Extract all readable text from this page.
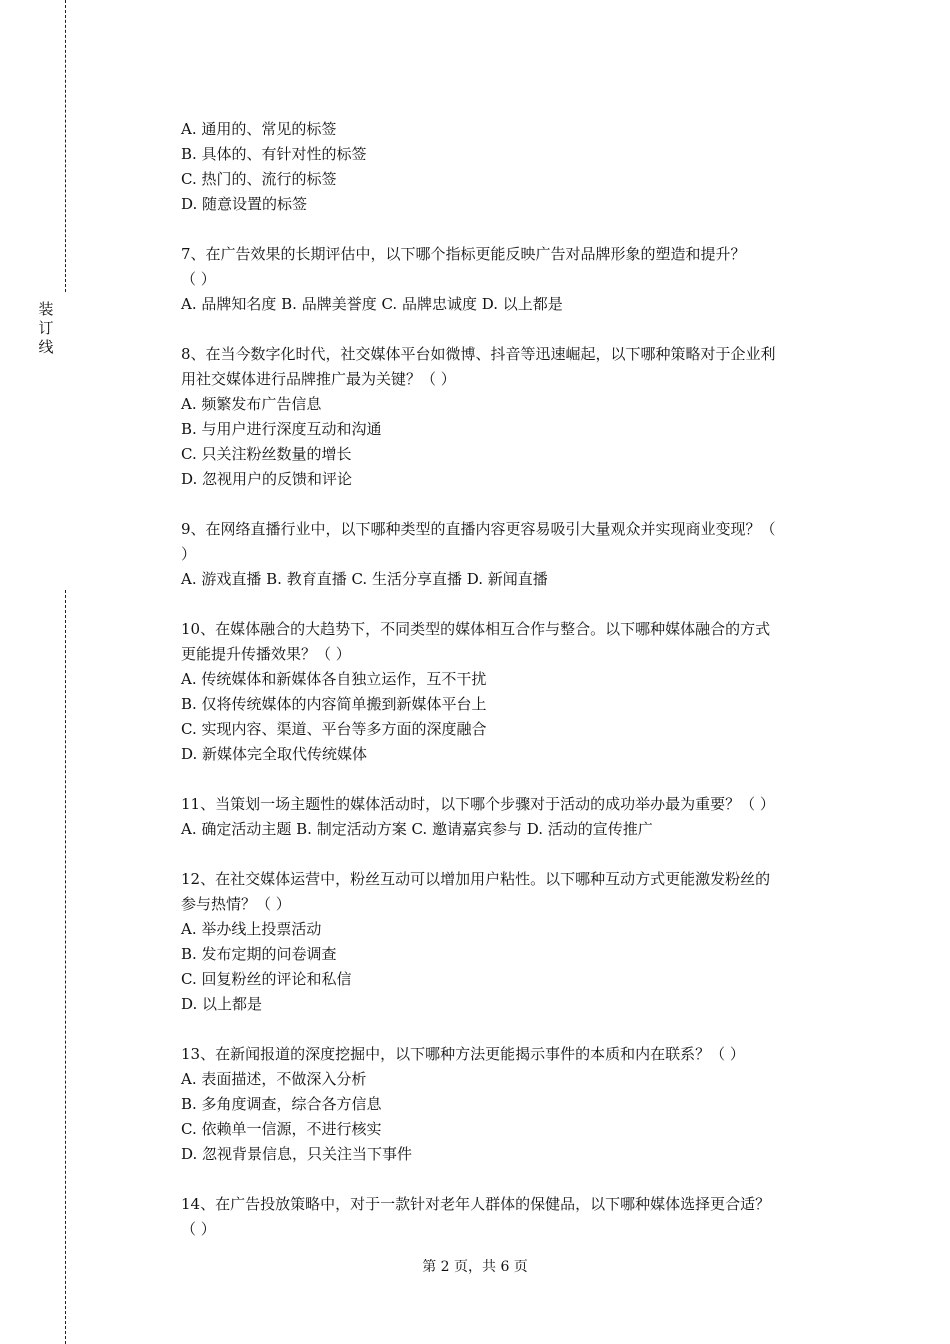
装
订
线

A. 通用的、常见的标签

B. 具体的、有针对性的标签

C. 热门的、流行的标签

D. 随意设置的标签

7、在广告效果的长期评估中，以下哪个指标更能反映广告对品牌形象的塑造和提升？

（ ）

A. 品牌知名度 B. 品牌美誉度 C. 品牌忠诚度 D. 以上都是

8、在当今数字化时代，社交媒体平台如微博、抖音等迅速崛起，以下哪种策略对于企业利

用社交媒体进行品牌推广最为关键？（ ）

A. 频繁发布广告信息

B. 与用户进行深度互动和沟通

C. 只关注粉丝数量的增长

D. 忽视用户的反馈和评论

9、在网络直播行业中，以下哪种类型的直播内容更容易吸引大量观众并实现商业变现？（

）

A. 游戏直播 B. 教育直播 C. 生活分享直播 D. 新闻直播

10、在媒体融合的大趋势下，不同类型的媒体相互合作与整合。以下哪种媒体融合的方式

更能提升传播效果？（ ）

A. 传统媒体和新媒体各自独立运作，互不干扰

B. 仅将传统媒体的内容简单搬到新媒体平台上

C. 实现内容、渠道、平台等多方面的深度融合

D. 新媒体完全取代传统媒体

11、当策划一场主题性的媒体活动时，以下哪个步骤对于活动的成功举办最为重要？（ ）

A. 确定活动主题 B. 制定活动方案 C. 邀请嘉宾参与 D. 活动的宣传推广

12、在社交媒体运营中，粉丝互动可以增加用户粘性。以下哪种互动方式更能激发粉丝的

参与热情？（ ）

A. 举办线上投票活动

B. 发布定期的问卷调查

C. 回复粉丝的评论和私信

D. 以上都是

13、在新闻报道的深度挖掘中，以下哪种方法更能揭示事件的本质和内在联系？（ ）

A. 表面描述，不做深入分析

B. 多角度调查，综合各方信息

C. 依赖单一信源，不进行核实

D. 忽视背景信息，只关注当下事件

14、在广告投放策略中，对于一款针对老年人群体的保健品，以下哪种媒体选择更合适？

（ ）

第 2 页，共 6 页
